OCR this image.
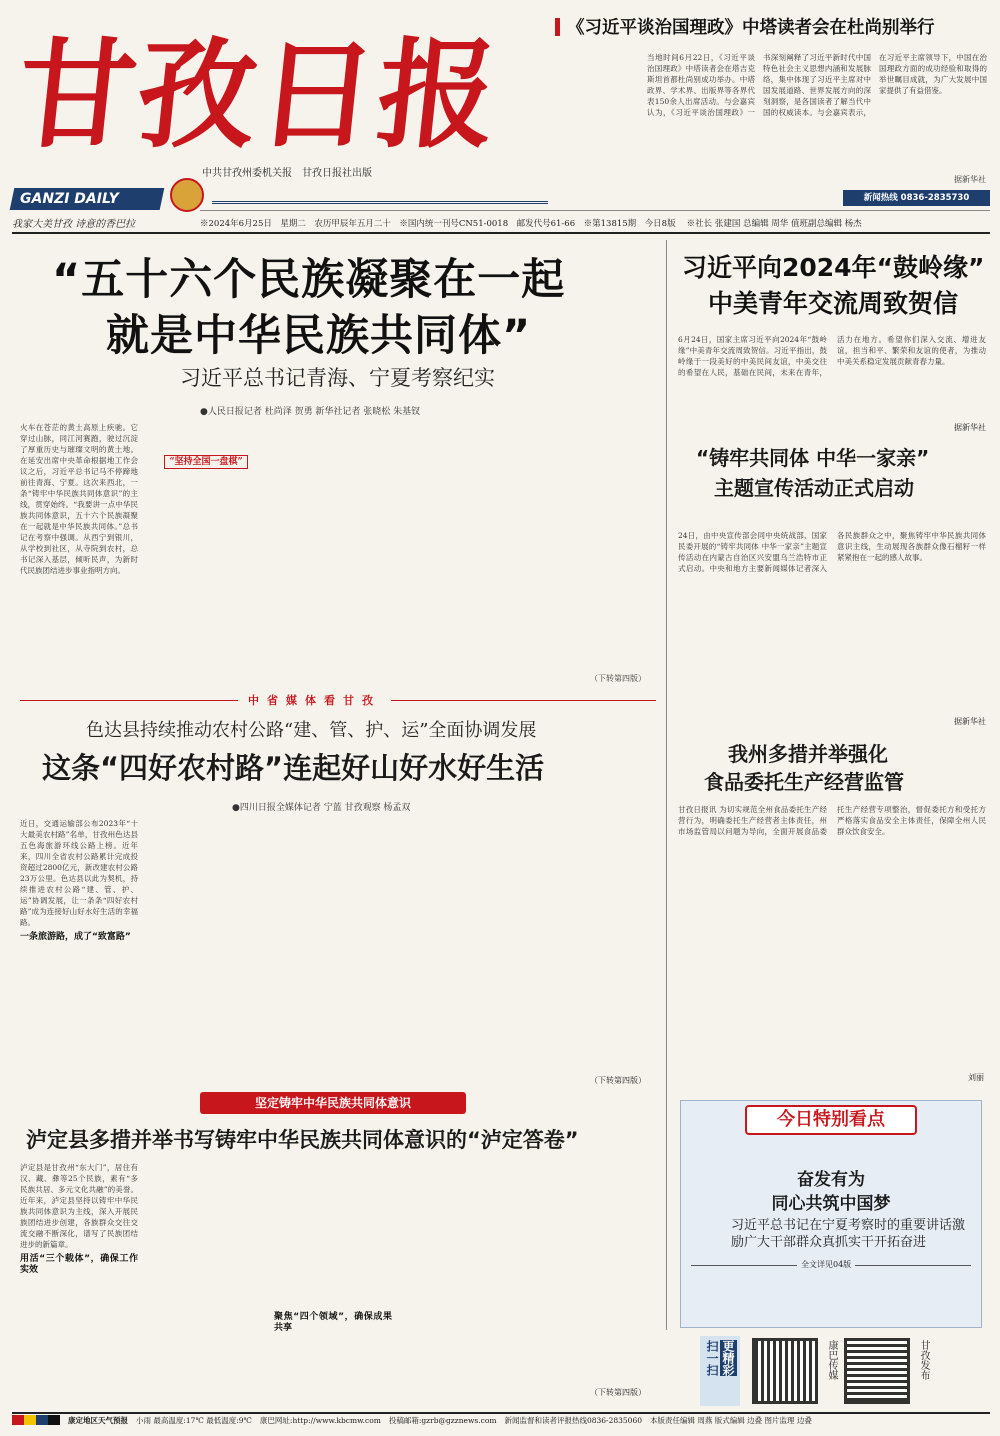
甘孜日报
中共甘孜州委机关报　甘孜日报社出版
GANZI DAILY
我家大美甘孜 诗意的香巴拉	※2024年6月25日　星期二　农历甲辰年五月二十　※国内统一刊号CN51-0018　邮发代号61-66　※第13815期　今日8版 ※社长 张建国 总编辑 周华 值班副总编辑 杨杰
新闻热线 0836-2835730
《习近平谈治国理政》中塔读者会在杜尚别举行
当地时间6月22日，《习近平谈治国理政》中塔读者会在塔吉克斯坦首都杜尚别成功举办。中塔政界、学术界、出版界等各界代表150余人出席活动。与会嘉宾认为，《习近平谈治国理政》一书深刻阐释了习近平新时代中国特色社会主义思想内涵和发展脉络，集中体现了习近平主席对中国发展道路、世界发展方向的深刻洞察，是各国读者了解当代中国的权威读本。与会嘉宾表示，在习近平主席领导下，中国在治国理政方面的成功经验和取得的举世瞩目成就，为广大发展中国家提供了有益借鉴。
据新华社
“五十六个民族凝聚在一起
就是中华民族共同体”
习近平总书记青海、宁夏考察纪实
●人民日报记者 杜尚泽 贺勇 新华社记者 张晓松 朱基钗
火车在苍茫的黄土高原上疾驰。它穿过山脉，同江河赛跑，驶过沉淀了厚重历史与璀璨文明的黄土地。在延安出席中央革命根据地工作会议之后，习近平总书记马不停蹄地前往青海、宁夏。这次来西北，一条“铸牢中华民族共同体意识”的主线，贯穿始终。“我要讲一点中华民族共同体意识，五十六个民族凝聚在一起就是中华民族共同体。”总书记在考察中强调。从西宁到银川，从学校到社区，从寺院到农村，总书记深入基层，倾听民声，为新时代民族团结进步事业指明方向。
“坚持全国一盘棋”
（下转第四版）
习近平向2024年“鼓岭缘”
中美青年交流周致贺信
6月24日，国家主席习近平向2024年“鼓岭缘”中美青年交流周致贺信。习近平指出，鼓岭缘于一段美好的中美民间友谊，中美交往的希望在人民，基础在民间，未来在青年，活力在地方。希望你们深入交流、增进友谊，担当和平、繁荣和友谊的使者，为推动中美关系稳定发展贡献青春力量。
据新华社
“铸牢共同体 中华一家亲”
主题宣传活动正式启动
24日，由中央宣传部会同中央统战部、国家民委开展的“铸牢共同体 中华一家亲”主题宣传活动在内蒙古自治区兴安盟乌兰浩特市正式启动。中央和地方主要新闻媒体记者深入各民族群众之中，聚焦铸牢中华民族共同体意识主线，生动展现各族群众像石榴籽一样紧紧抱在一起的感人故事。
据新华社
中省媒体看甘孜
色达县持续推动农村公路“建、管、护、运”全面协调发展
这条“四好农村路”连起好山好水好生活
●四川日报全媒体记者 宁蓝 甘孜观察 杨孟双
近日，交通运输部公布2023年“十大最美农村路”名单，甘孜州色达县五色海旅游环线公路上榜。近年来，四川全省农村公路累计完成投资超过2800亿元，新改建农村公路23万公里。色达县以此为契机，持续推进农村公路“建、管、护、运”协调发展，让一条条“四好农村路”成为连接好山好水好生活的幸福路。
一条旅游路，成了“致富路”
（下转第四版）
我州多措并举强化
食品委托生产经营监管
甘孜日报讯 为切实规范全州食品委托生产经营行为，明确委托生产经营者主体责任，州市场监管局以问题为导向，全面开展食品委托生产经营专项整治，督促委托方和受托方严格落实食品安全主体责任，保障全州人民群众饮食安全。
刘丽
坚定铸牢中华民族共同体意识
泸定县多措并举书写铸牢中华民族共同体意识的“泸定答卷”
泸定县是甘孜州“东大门”，居住有汉、藏、彝等25个民族，素有“多民族共居、多元文化共融”的美誉。近年来，泸定县坚持以铸牢中华民族共同体意识为主线，深入开展民族团结进步创建，各族群众交往交流交融不断深化，谱写了民族团结进步的新篇章。
用活“三个载体”，确保工作实效
聚焦“四个领域”，确保成果共享
（下转第四版）
今日特别看点
奋发有为
同心共筑中国梦
习近平总书记在宁夏考察时的重要讲话激励广大干部群众真抓实干开拓奋进
全文详见04版
扫一扫 更精彩	康巴传媒	甘孜发布
康定地区天气预报 小雨 最高温度:17℃ 最低温度:9℃ 康巴网址:http://www.kbcmw.com 投稿邮箱:gzrb@gzznews.com 新闻监督和读者评报热线0836-2835060 本版责任编辑 周燕 版式编辑 边叠 图片监理 边叠
